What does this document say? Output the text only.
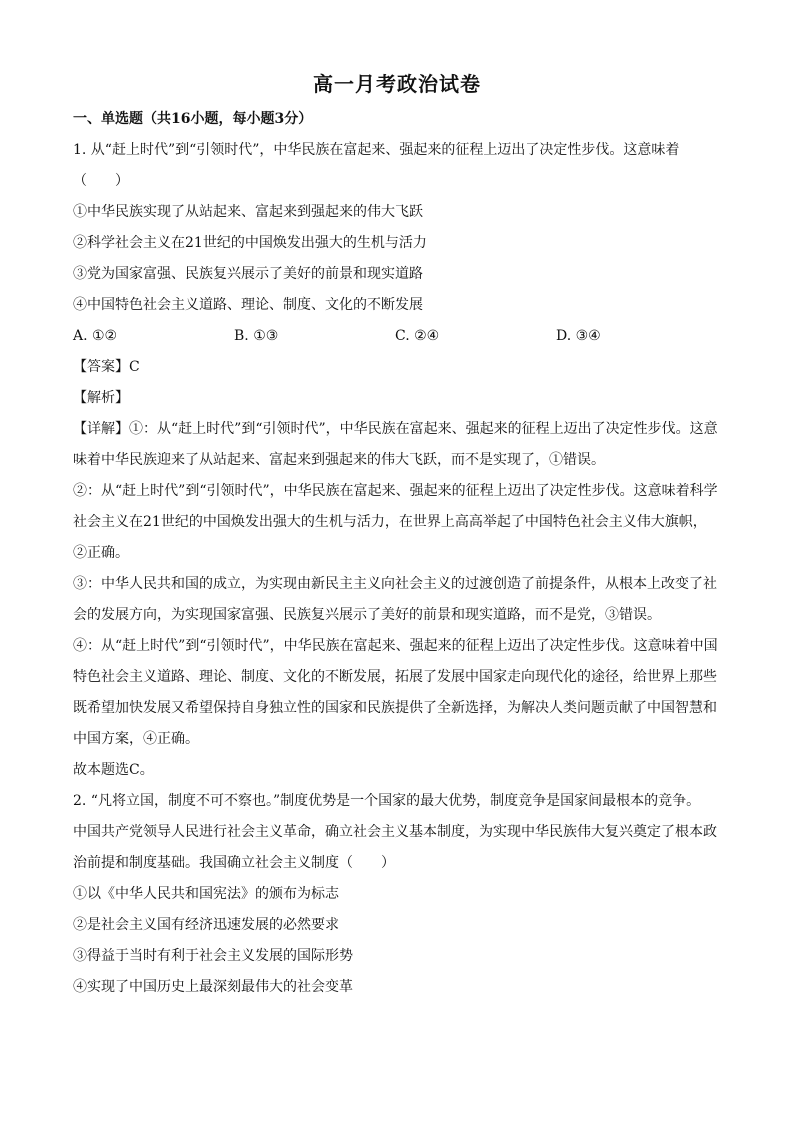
高一月考政治试卷
一、单选题（共16小题，每小题3分）
1. 从“赶上时代”到“引领时代”，中华民族在富起来、强起来的征程上迈出了决定性步伐。这意味着
（　　）
①中华民族实现了从站起来、富起来到强起来的伟大飞跃
②科学社会主义在21世纪的中国焕发出强大的生机与活力
③党为国家富强、民族复兴展示了美好的前景和现实道路
④中国特色社会主义道路、理论、制度、文化的不断发展
A. ①②	B. ①③	C. ②④	D. ③④
【答案】C
【解析】
【详解】①：从“赶上时代”到“引领时代”，中华民族在富起来、强起来的征程上迈出了决定性步伐。这意
味着中华民族迎来了从站起来、富起来到强起来的伟大飞跃，而不是实现了，①错误。
②：从“赶上时代”到“引领时代”，中华民族在富起来、强起来的征程上迈出了决定性步伐。这意味着科学
社会主义在21世纪的中国焕发出强大的生机与活力，在世界上高高举起了中国特色社会主义伟大旗帜，
②正确。
③：中华人民共和国的成立，为实现由新民主主义向社会主义的过渡创造了前提条件，从根本上改变了社
会的发展方向，为实现国家富强、民族复兴展示了美好的前景和现实道路，而不是党，③错误。
④：从“赶上时代”到“引领时代”，中华民族在富起来、强起来的征程上迈出了决定性步伐。这意味着中国
特色社会主义道路、理论、制度、文化的不断发展，拓展了发展中国家走向现代化的途径，给世界上那些
既希望加快发展又希望保持自身独立性的国家和民族提供了全新选择，为解决人类问题贡献了中国智慧和
中国方案，④正确。
故本题选C。
2. “凡将立国，制度不可不察也。”制度优势是一个国家的最大优势，制度竞争是国家间最根本的竞争。
中国共产党领导人民进行社会主义革命，确立社会主义基本制度，为实现中华民族伟大复兴奠定了根本政
治前提和制度基础。我国确立社会主义制度（　　）
①以《中华人民共和国宪法》的颁布为标志
②是社会主义国有经济迅速发展的必然要求
③得益于当时有利于社会主义发展的国际形势
④实现了中国历史上最深刻最伟大的社会变革
